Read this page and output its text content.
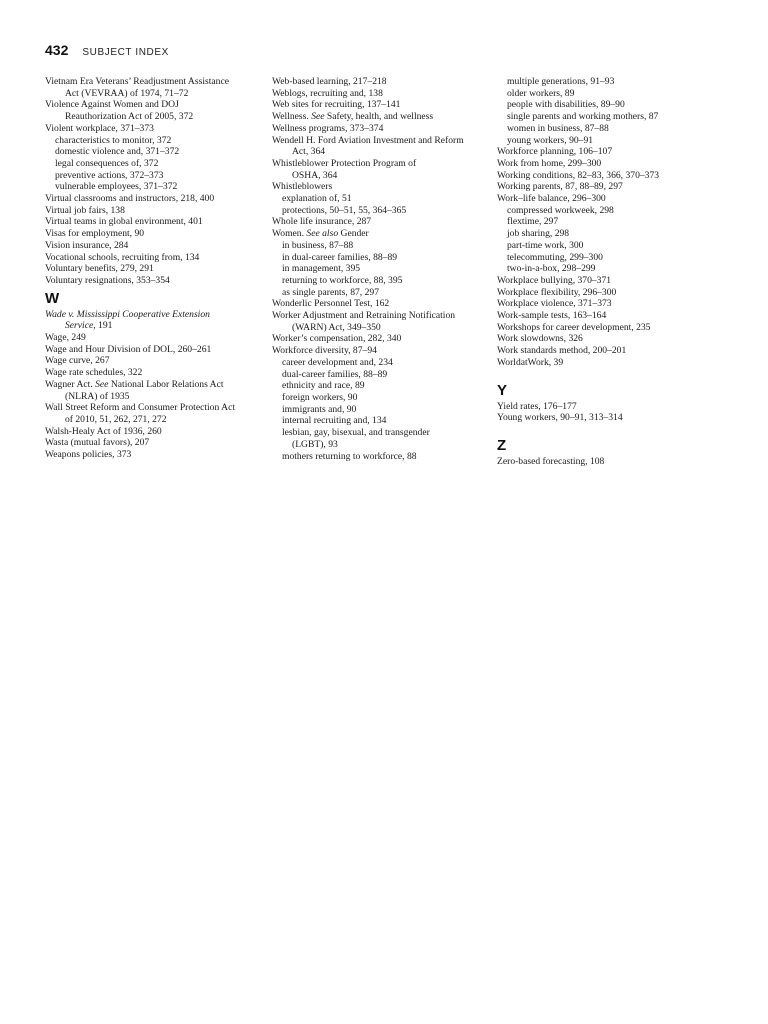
432 SUBJECT INDEX
Vietnam Era Veterans’ Readjustment Assistance
Act (VEVRAA) of 1974, 71–72
Violence Against Women and DOJ
Reauthorization Act of 2005, 372
Violent workplace, 371–373
characteristics to monitor, 372
domestic violence and, 371–372
legal consequences of, 372
preventive actions, 372–373
vulnerable employees, 371–372
Virtual classrooms and instructors, 218, 400
Virtual job fairs, 138
Virtual teams in global environment, 401
Visas for employment, 90
Vision insurance, 284
Vocational schools, recruiting from, 134
Voluntary benefits, 279, 291
Voluntary resignations, 353–354
W
Wade v. Mississippi Cooperative Extension
Service, 191
Wage, 249
Wage and Hour Division of DOL, 260–261
Wage curve, 267
Wage rate schedules, 322
Wagner Act. See National Labor Relations Act
(NLRA) of 1935
Wall Street Reform and Consumer Protection Act
of 2010, 51, 262, 271, 272
Walsh-Healy Act of 1936, 260
Wasta (mutual favors), 207
Weapons policies, 373
Web-based learning, 217–218
Weblogs, recruiting and, 138
Web sites for recruiting, 137–141
Wellness. See Safety, health, and wellness
Wellness programs, 373–374
Wendell H. Ford Aviation Investment and Reform
Act, 364
Whistleblower Protection Program of
OSHA, 364
Whistleblowers
explanation of, 51
protections, 50–51, 55, 364–365
Whole life insurance, 287
Women. See also Gender
in business, 87–88
in dual-career families, 88–89
in management, 395
returning to workforce, 88, 395
as single parents, 87, 297
Wonderlic Personnel Test, 162
Worker Adjustment and Retraining Notification
(WARN) Act, 349–350
Worker’s compensation, 282, 340
Workforce diversity, 87–94
career development and, 234
dual-career families, 88–89
ethnicity and race, 89
foreign workers, 90
immigrants and, 90
internal recruiting and, 134
lesbian, gay, bisexual, and transgender
(LGBT), 93
mothers returning to workforce, 88
multiple generations, 91–93
older workers, 89
people with disabilities, 89–90
single parents and working mothers, 87
women in business, 87–88
young workers, 90–91
Workforce planning, 106–107
Work from home, 299–300
Working conditions, 82–83, 366, 370–373
Working parents, 87, 88–89, 297
Work–life balance, 296–300
compressed workweek, 298
flextime, 297
job sharing, 298
part-time work, 300
telecommuting, 299–300
two-in-a-box, 298–299
Workplace bullying, 370–371
Workplace flexibility, 296–300
Workplace violence, 371–373
Work-sample tests, 163–164
Workshops for career development, 235
Work slowdowns, 326
Work standards method, 200–201
WorldatWork, 39
Y
Yield rates, 176–177
Young workers, 90–91, 313–314
Z
Zero-based forecasting, 108
